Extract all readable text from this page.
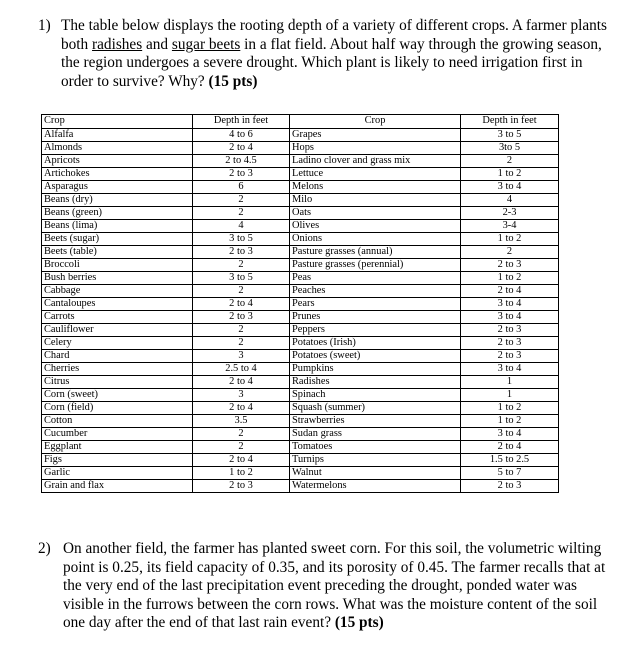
1) The table below displays the rooting depth of a variety of different crops. A farmer plants both radishes and sugar beets in a flat field. About half way through the growing season, the region undergoes a severe drought. Which plant is likely to need irrigation first in order to survive? Why? (15 pts)
Crop	Depth in feet	Crop	Depth in feet
Alfalfa	4 to 6	Grapes	3 to 5
Almonds	2 to 4	Hops	3to 5
Apricots	2 to 4.5	Ladino clover and grass mix	2
Artichokes	2 to 3	Lettuce	1 to 2
Asparagus	6	Melons	3 to 4
Beans (dry)	2	Milo	4
Beans (green)	2	Oats	2-3
Beans (lima)	4	Olives	3-4
Beets (sugar)	3 to 5	Onions	1 to 2
Beets (table)	2 to 3	Pasture grasses (annual)	2
Broccoli	2	Pasture grasses (perennial)	2 to 3
Bush berries	3 to 5	Peas	1 to 2
Cabbage	2	Peaches	2 to 4
Cantaloupes	2 to 4	Pears	3 to 4
Carrots	2 to 3	Prunes	3 to 4
Cauliflower	2	Peppers	2 to 3
Celery	2	Potatoes (Irish)	2 to 3
Chard	3	Potatoes (sweet)	2 to 3
Cherries	2.5 to 4	Pumpkins	3 to 4
Citrus	2 to 4	Radishes	1
Corn (sweet)	3	Spinach	1
Corn (field)	2 to 4	Squash (summer)	1 to 2
Cotton	3.5	Strawberries	1 to 2
Cucumber	2	Sudan grass	3 to 4
Eggplant	2	Tomatoes	2 to 4
Figs	2 to 4	Turnips	1.5 to 2.5
Garlic	1 to 2	Walnut	5 to 7
Grain and flax	2 to 3	Watermelons	2 to 3
2) On another field, the farmer has planted sweet corn. For this soil, the volumetric wilting point is 0.25, its field capacity of 0.35, and its porosity of 0.45. The farmer recalls that at the very end of the last precipitation event preceding the drought, ponded water was visible in the furrows between the corn rows. What was the moisture content of the soil one day after the end of that last rain event? (15 pts)
